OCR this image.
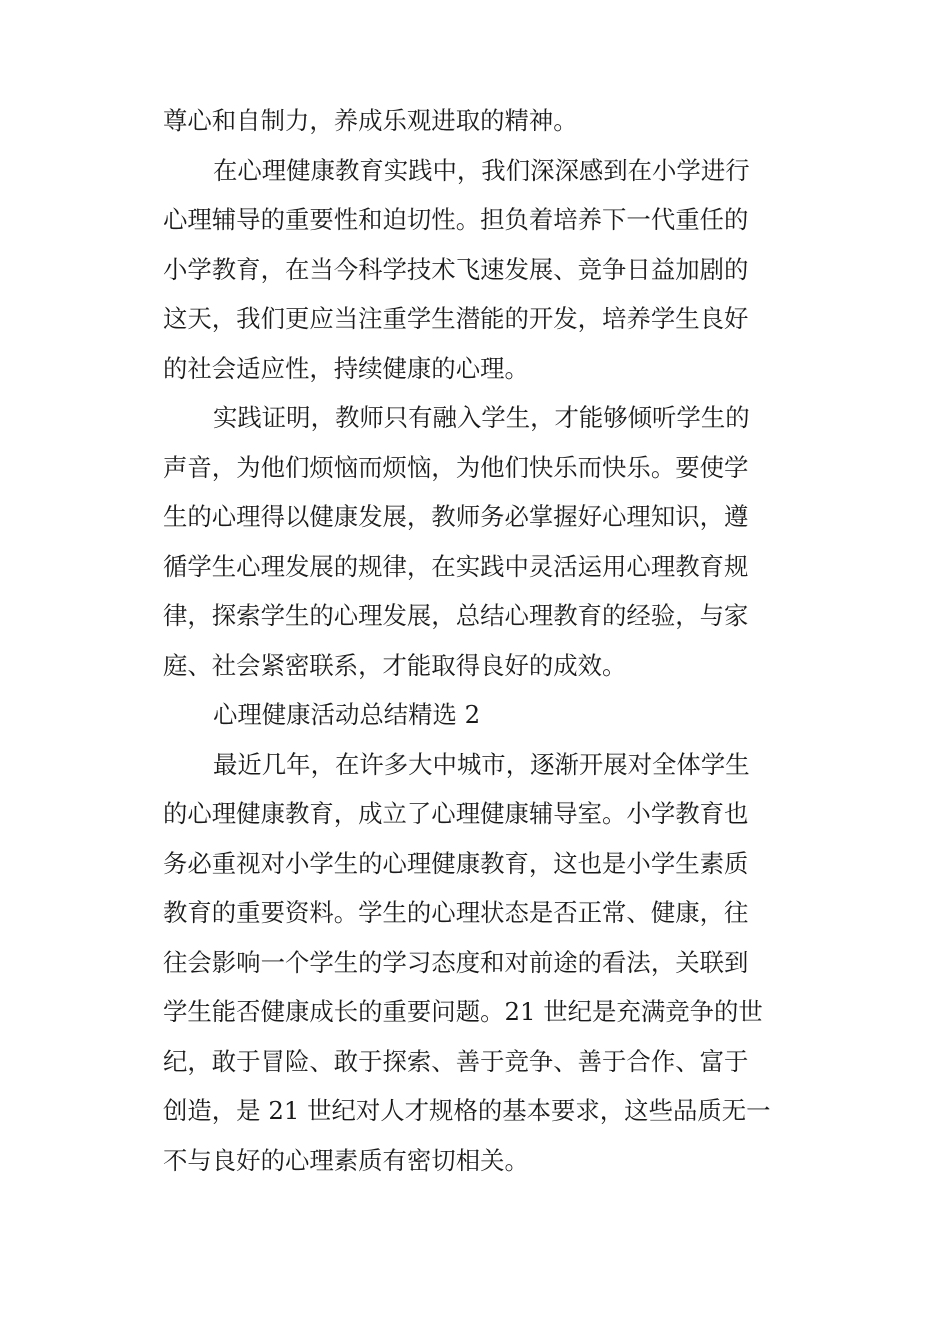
尊心和自制力，养成乐观进取的精神。
在心理健康教育实践中，我们深深感到在小学进行
心理辅导的重要性和迫切性。担负着培养下一代重任的
小学教育，在当今科学技术飞速发展、竞争日益加剧的
这天，我们更应当注重学生潜能的开发，培养学生良好
的社会适应性，持续健康的心理。
实践证明，教师只有融入学生，才能够倾听学生的
声音，为他们烦恼而烦恼，为他们快乐而快乐。要使学
生的心理得以健康发展，教师务必掌握好心理知识，遵
循学生心理发展的规律，在实践中灵活运用心理教育规
律，探索学生的心理发展，总结心理教育的经验，与家
庭、社会紧密联系，才能取得良好的成效。
心理健康活动总结精选 2
最近几年，在许多大中城市，逐渐开展对全体学生
的心理健康教育，成立了心理健康辅导室。小学教育也
务必重视对小学生的心理健康教育，这也是小学生素质
教育的重要资料。学生的心理状态是否正常、健康，往
往会影响一个学生的学习态度和对前途的看法，关联到
学生能否健康成长的重要问题。21 世纪是充满竞争的世
纪，敢于冒险、敢于探索、善于竞争、善于合作、富于
创造，是 21 世纪对人才规格的基本要求，这些品质无一
不与良好的心理素质有密切相关。
